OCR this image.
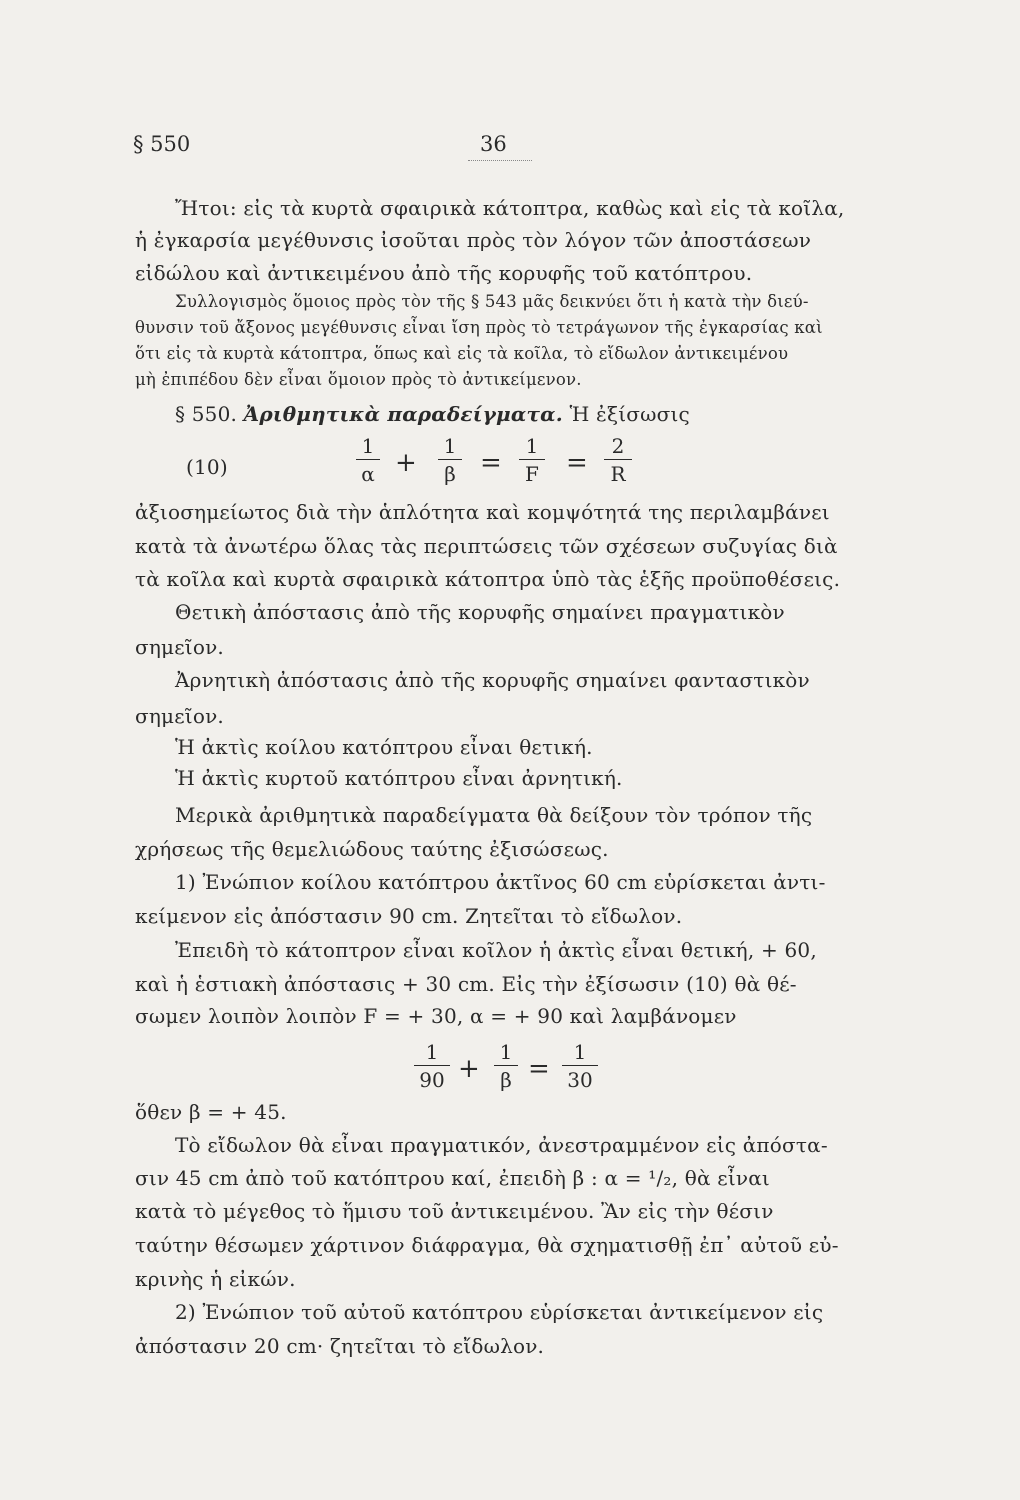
§ 550	36
Ἤτοι: εἰς τὰ κυρτὰ σφαιρικὰ κάτοπτρα, καθὼς καὶ εἰς τὰ κοῖλα,
ἡ ἐγκαρσία μεγέθυνσις ἰσοῦται πρὸς τὸν λόγον τῶν ἀποστάσεων
εἰδώλου καὶ ἀντικειμένου ἀπὸ τῆς κορυφῆς τοῦ κατόπτρου.
Συλλογισμὸς ὅμοιος πρὸς τὸν τῆς § 543 μᾶς δεικνύει ὅτι ἡ κατὰ τὴν διεύ-
θυνσιν τοῦ ἄξονος μεγέθυνσις εἶναι ἴση πρὸς τὸ τετράγωνον τῆς ἐγκαρσίας καὶ
ὅτι εἰς τὰ κυρτὰ κάτοπτρα, ὅπως καὶ εἰς τὰ κοῖλα, τὸ εἴδωλον ἀντικειμένου
μὴ ἐπιπέδου δὲν εἶναι ὅμοιον πρὸς τὸ ἀντικείμενον.
§ 550. Ἀριθμητικὰ παραδείγματα. Ἡ ἐξίσωσις
(10)
1
α +
1
β =
1
F =
2
R
ἀξιοσημείωτος διὰ τὴν ἁπλότητα καὶ κομψότητά της περιλαμβάνει
κατὰ τὰ ἀνωτέρω ὅλας τὰς περιπτώσεις τῶν σχέσεων συζυγίας διὰ
τὰ κοῖλα καὶ κυρτὰ σφαιρικὰ κάτοπτρα ὑπὸ τὰς ἑξῆς προϋποθέσεις.
Θετικὴ ἀπόστασις ἀπὸ τῆς κορυφῆς σημαίνει πραγματικὸν
σημεῖον.
Ἀρνητικὴ ἀπόστασις ἀπὸ τῆς κορυφῆς σημαίνει φανταστικὸν
σημεῖον.
Ἡ ἀκτὶς κοίλου κατόπτρου εἶναι θετική.
Ἡ ἀκτὶς κυρτοῦ κατόπτρου εἶναι ἀρνητική.
Μερικὰ ἀριθμητικὰ παραδείγματα θὰ δείξουν τὸν τρόπον τῆς
χρήσεως τῆς θεμελιώδους ταύτης ἐξισώσεως.
1) Ἐνώπιον κοίλου κατόπτρου ἀκτῖνος 60 cm εὑρίσκεται ἀντι-
κείμενον εἰς ἀπόστασιν 90 cm. Ζητεῖται τὸ εἴδωλον.
Ἐπειδὴ τὸ κάτοπτρον εἶναι κοῖλον ἡ ἀκτὶς εἶναι θετική, + 60,
καὶ ἡ ἑστιακὴ ἀπόστασις + 30 cm. Εἰς τὴν ἐξίσωσιν (10) θὰ θέ-
σωμεν λοιπὸν λοιπὸν F = + 30, α = + 90 καὶ λαμβάνομεν
1
90 +
1
β =
1
30
ὅθεν β = + 45.
Τὸ εἴδωλον θὰ εἶναι πραγματικόν, ἀνεστραμμένον εἰς ἀπόστα-
σιν 45 cm ἀπὸ τοῦ κατόπτρου καί, ἐπειδὴ β : α = ¹/₂, θὰ εἶναι
κατὰ τὸ μέγεθος τὸ ἥμισυ τοῦ ἀντικειμένου. Ἂν εἰς τὴν θέσιν
ταύτην θέσωμεν χάρτινον διάφραγμα, θὰ σχηματισθῇ ἐπ᾽ αὐτοῦ εὐ-
κρινὴς ἡ εἰκών.
2) Ἐνώπιον τοῦ αὐτοῦ κατόπτρου εὑρίσκεται ἀντικείμενον εἰς
ἀπόστασιν 20 cm· ζητεῖται τὸ εἴδωλον.
